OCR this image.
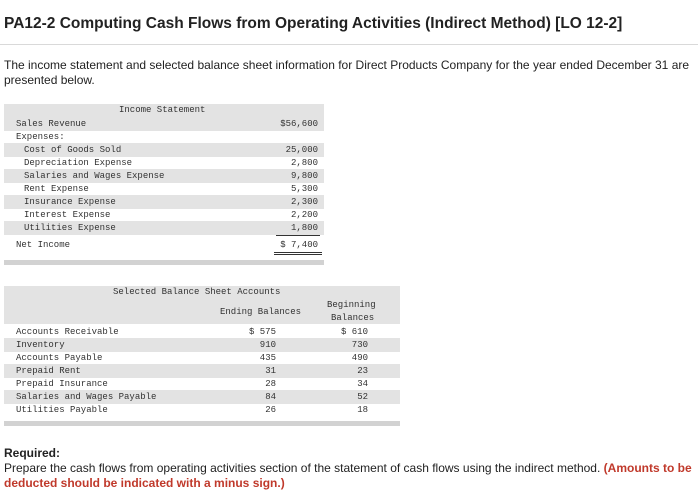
PA12-2 Computing Cash Flows from Operating Activities (Indirect Method) [LO 12-2]
The income statement and selected balance sheet information for Direct Products Company for the year ended December 31 are presented below.
Income Statement
Sales Revenue	$56,600
Expenses:
Cost of Goods Sold	25,000
Depreciation Expense	2,800
Salaries and Wages Expense	9,800
Rent Expense	5,300
Insurance Expense	2,300
Interest Expense	2,200
Utilities Expense	1,800
Net Income	$ 7,400
Selected Balance Sheet Accounts
Ending Balances
Beginning
Balances
Accounts Receivable	$ 575	$ 610
Inventory	910	730
Accounts Payable	435	490
Prepaid Rent	31	23
Prepaid Insurance	28	34
Salaries and Wages Payable	84	52
Utilities Payable	26	18
Required:
Prepare the cash flows from operating activities section of the statement of cash flows using the indirect method. (Amounts to be deducted should be indicated with a minus sign.)
